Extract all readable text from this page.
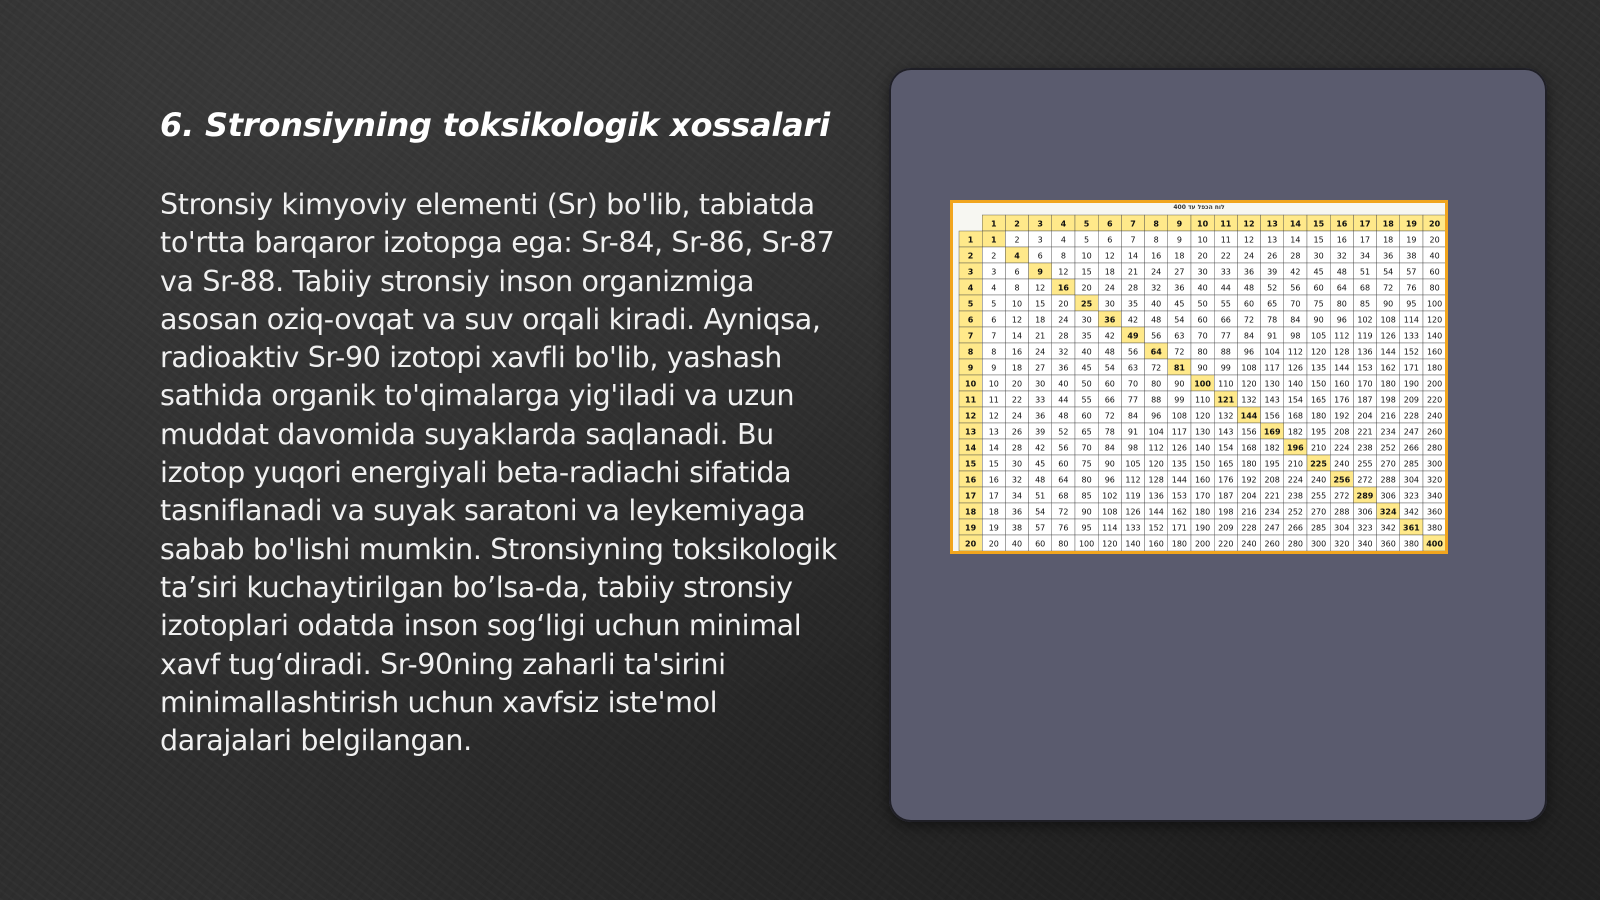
6. Stronsiyning toksikologik xossalari

Stronsiy kimyoviy elementi (Sr) bo'lib, tabiatda to'rtta barqaror izotopga ega: Sr-84, Sr-86, Sr-87 va Sr-88. Tabiiy stronsiy inson organizmiga asosan oziq-ovqat va suv orqali kiradi. Ayniqsa, radioaktiv Sr-90 izotopi xavfli bo'lib, yashash sathida organik to'qimalarga yig'iladi va uzun muddat davomida suyaklarda saqlanadi. Bu izotop yuqori energiyali beta-radiachi sifatida tasniflanadi va suyak saratoni va leykemiyaga sabab bo'lishi mumkin. Stronsiyning toksikologik ta’siri kuchaytirilgan bo’lsa-da, tabiiy stronsiy izotoplari odatda inson sog‘ligi uchun minimal xavf tug‘diradi. Sr-90ning zaharli ta'sirini minimallashtirish uchun xavfsiz iste'mol darajalari belgilangan.

לוח הכפל עד 400
1 2 3 4 5 6 7 8 9 10 11 12 13 14 15 16 17 18 19 20
1 1 2 3 4 5 6 7 8 9 10 11 12 13 14 15 16 17 18 19 20
2 2 4 6 8 10 12 14 16 18 20 22 24 26 28 30 32 34 36 38 40
3 3 6 9 12 15 18 21 24 27 30 33 36 39 42 45 48 51 54 57 60
4 4 8 12 16 20 24 28 32 36 40 44 48 52 56 60 64 68 72 76 80
5 5 10 15 20 25 30 35 40 45 50 55 60 65 70 75 80 85 90 95 100
6 6 12 18 24 30 36 42 48 54 60 66 72 78 84 90 96 102 108 114 120
7 7 14 21 28 35 42 49 56 63 70 77 84 91 98 105 112 119 126 133 140
8 8 16 24 32 40 48 56 64 72 80 88 96 104 112 120 128 136 144 152 160
9 9 18 27 36 45 54 63 72 81 90 99 108 117 126 135 144 153 162 171 180
10 10 20 30 40 50 60 70 80 90 100 110 120 130 140 150 160 170 180 190 200
11 11 22 33 44 55 66 77 88 99 110 121 132 143 154 165 176 187 198 209 220
12 12 24 36 48 60 72 84 96 108 120 132 144 156 168 180 192 204 216 228 240
13 13 26 39 52 65 78 91 104 117 130 143 156 169 182 195 208 221 234 247 260
14 14 28 42 56 70 84 98 112 126 140 154 168 182 196 210 224 238 252 266 280
15 15 30 45 60 75 90 105 120 135 150 165 180 195 210 225 240 255 270 285 300
16 16 32 48 64 80 96 112 128 144 160 176 192 208 224 240 256 272 288 304 320
17 17 34 51 68 85 102 119 136 153 170 187 204 221 238 255 272 289 306 323 340
18 18 36 54 72 90 108 126 144 162 180 198 216 234 252 270 288 306 324 342 360
19 19 38 57 76 95 114 133 152 171 190 209 228 247 266 285 304 323 342 361 380
20 20 40 60 80 100 120 140 160 180 200 220 240 260 280 300 320 340 360 380 400
